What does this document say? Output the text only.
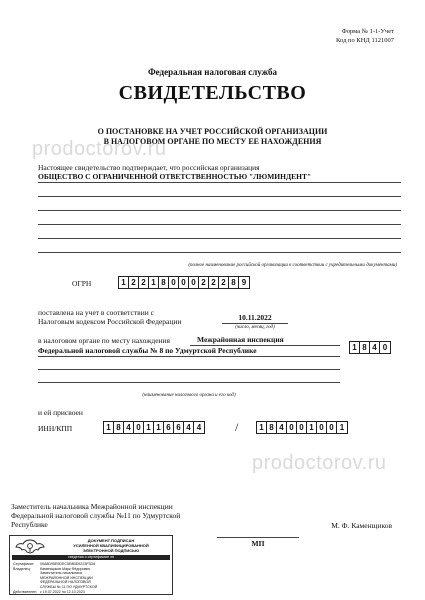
Форма № 1-1-Учет
Код по КНД 1121007
Федеральная налоговая служба
СВИДЕТЕЛЬСТВО
О ПОСТАНОВКЕ НА УЧЕТ РОССИЙСКОЙ ОРГАНИЗАЦИИ
В НАЛОГОВОМ ОРГАНЕ ПО МЕСТУ ЕЕ НАХОЖДЕНИЯ
Настоящее свидетельство подтверждает, что российская организация
ОБЩЕСТВО С ОГРАНИЧЕННОЙ ОТВЕТСТВЕННОСТЬЮ "ЛЮМИНДЕНТ"
(полное наименование российской организации в соответствии с учредительными документами)
ОГРН	1 2 2 1 8 0 0 0 2 2 2 8 9
поставлена на учет в соответствии с
Налоговым кодексом Российской Федерации	10.11.2022
(число, месяц, год)
в налоговом органе по месту нахождения	Межрайонная инспекция
Федеральной налоговой службы № 8 по Удмуртской Республике	1 8 4 0
(наименование налогового органа и его код)
и ей присвоен
ИНН/КПП	1 8 4 0 1 1 6 6 4 4	/	1 8 4 0 0 1 0 0 1
prodoctorov.ru
prodoctorov.ru
Заместитель начальника Межрайонной инспекции
Федеральной налоговой службы №11 по Удмуртской
Республике	М. Ф. Каменщиков
МП
ДОКУМЕНТ ПОДПИСАН
УСИЛЕННОЙ КВАЛИФИЦИРОВАННОЙ
ЭЛЕКТРОННОЙ ПОДПИСЬЮ
сведения о сертификате эп
Сертификат:	00A8D95E9DEC5E8BD5223F3D6
Владелец:	Каменщиков Марк Фёдорович
Заместитель начальника
МЕЖРАЙОННОЙ ИНСПЕКЦИИ
ФЕДЕРАЛЬНОЙ НАЛОГОВОЙ
СЛУЖБЫ № 11 ПО УДМУРТСКОЙ
Действителен: с 19.07.2022 по 12.10.2023
